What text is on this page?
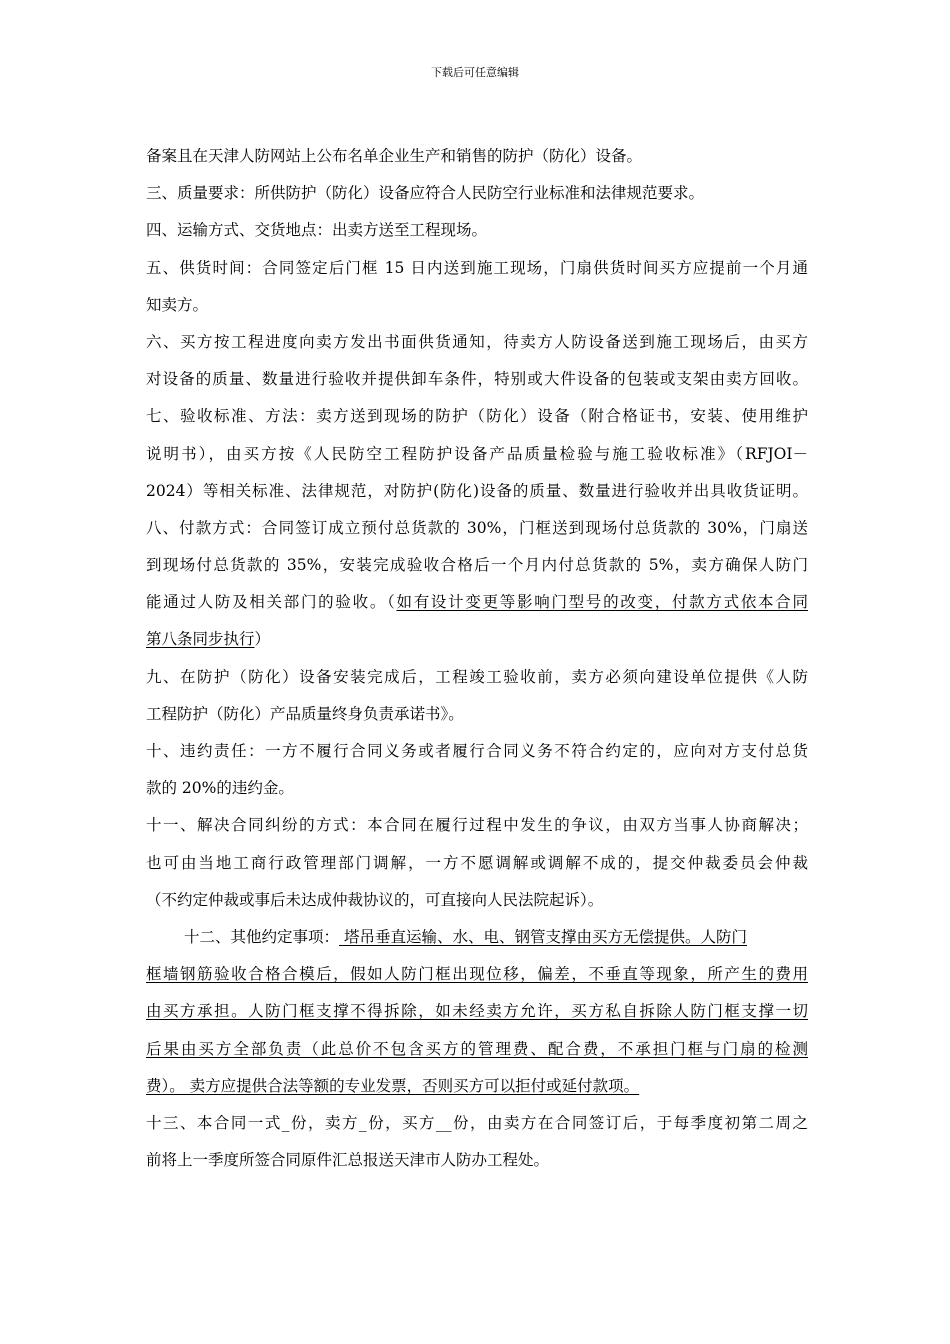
下载后可任意编辑
备案且在天津人防网站上公布名单企业生产和销售的防护（防化）设备。
三、质量要求：所供防护（防化）设备应符合人民防空行业标准和法律规范要求。
四、运输方式、交货地点：出卖方送至工程现场。
五、供货时间：合同签定后门框 15 日内送到施工现场，门扇供货时间买方应提前一个月通
知卖方。
六、买方按工程进度向卖方发出书面供货通知，待卖方人防设备送到施工现场后，由买方
对设备的质量、数量进行验收并提供卸车条件，特别或大件设备的包装或支架由卖方回收。
七、验收标准、方法：卖方送到现场的防护（防化）设备（附合格证书，安装、使用维护
说明书），由买方按《人民防空工程防护设备产品质量检验与施工验收标准》（RFJOI－
2024）等相关标准、法律规范，对防护(防化)设备的质量、数量进行验收并出具收货证明。
八、付款方式：合同签订成立预付总货款的 30%，门框送到现场付总货款的 30%，门扇送
到现场付总货款的 35%，安装完成验收合格后一个月内付总货款的 5%，卖方确保人防门
能通过人防及相关部门的验收。（如有设计变更等影响门型号的改变，付款方式依本合同
第八条同步执行）
九、在防护（防化）设备安装完成后，工程竣工验收前，卖方必须向建设单位提供《人防
工程防护（防化）产品质量终身负责承诺书》。
十、违约责任：一方不履行合同义务或者履行合同义务不符合约定的，应向对方支付总货
款的 20%的违约金。
十一、解决合同纠纷的方式：本合同在履行过程中发生的争议，由双方当事人协商解决；
也可由当地工商行政管理部门调解，一方不愿调解或调解不成的，提交仲裁委员会仲裁
（不约定仲裁或事后未达成仲裁协议的，可直接向人民法院起诉）。
十二、其他约定事项： 塔吊垂直运输、水、电、钢管支撑由买方无偿提供。人防门
框墙钢筋验收合格合模后，假如人防门框出现位移，偏差，不垂直等现象，所产生的费用
由买方承担。人防门框支撑不得拆除，如未经卖方允许，买方私自拆除人防门框支撑一切
后果由买方全部负责（此总价不包含买方的管理费、配合费，不承担门框与门扇的检测
费）。 卖方应提供合法等额的专业发票，否则买方可以拒付或延付款项。
十三、本合同一式_份，卖方_份，买方__份，由卖方在合同签订后，于每季度初第二周之
前将上一季度所签合同原件汇总报送天津市人防办工程处。
